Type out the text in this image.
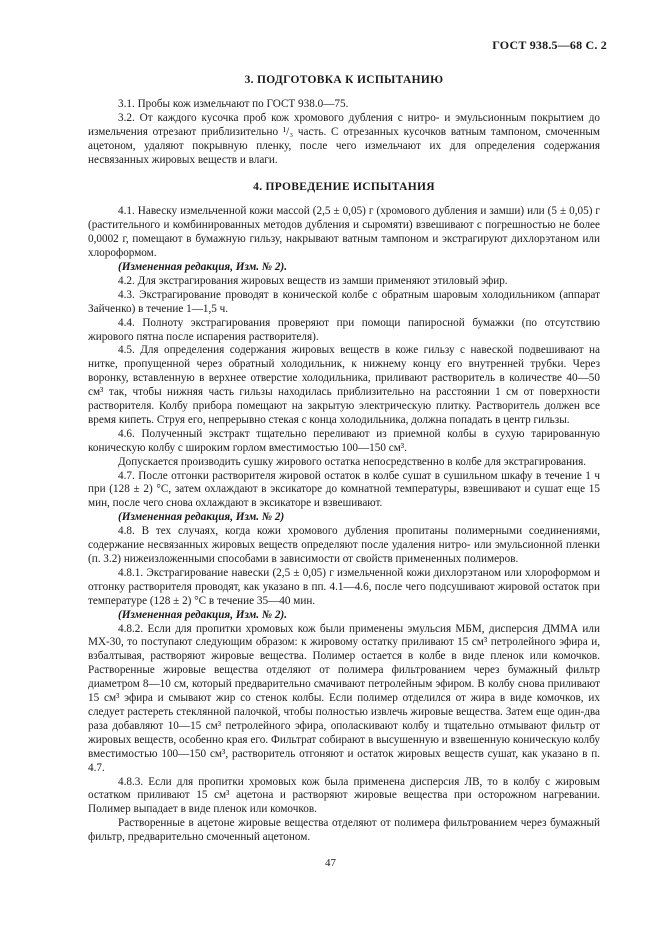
ГОСТ 938.5—68 С. 2
3. ПОДГОТОВКА К ИСПЫТАНИЮ

3.1. Пробы кож измельчают по ГОСТ 938.0—75.

3.2. От каждого кусочка проб кож хромового дубления с нитро- и эмульсионным покрытием до измельчения отрезают приблизительно ¹/₃ часть. С отрезанных кусочков ватным тампоном, смоченным ацетоном, удаляют покрывную пленку, после чего измельчают их для определения содержания несвязанных жировых веществ и влаги.

4. ПРОВЕДЕНИЕ ИСПЫТАНИЯ

4.1. Навеску измельченной кожи массой (2,5 ± 0,05) г (хромового дубления и замши) или (5 ± 0,05) г (растительного и комбинированных методов дубления и сыромяти) взвешивают с погрешностью не более 0,0002 г, помещают в бумажную гильзу, накрывают ватным тампоном и экстрагируют дихлорэтаном или хлороформом.

(Измененная редакция, Изм. № 2).

4.2. Для экстрагирования жировых веществ из замши применяют этиловый эфир.

4.3. Экстрагирование проводят в конической колбе с обратным шаровым холодильником (аппарат Зайченко) в течение 1—1,5 ч.

4.4. Полноту экстрагирования проверяют при помощи папиросной бумажки (по отсутствию жирового пятна после испарения растворителя).

4.5. Для определения содержания жировых веществ в коже гильзу с навеской подвешивают на нитке, пропущенной через обратный холодильник, к нижнему концу его внутренней трубки. Через воронку, вставленную в верхнее отверстие холодильника, приливают растворитель в количестве 40—50 см³ так, чтобы нижняя часть гильзы находилась приблизительно на расстоянии 1 см от поверхности растворителя. Колбу прибора помещают на закрытую электрическую плитку. Растворитель должен все время кипеть. Струя его, непрерывно стекая с конца холодильника, должна попадать в центр гильзы.

4.6. Полученный экстракт тщательно переливают из приемной колбы в сухую тарированную коническую колбу с широким горлом вместимостью 100—150 см³.

Допускается производить сушку жирового остатка непосредственно в колбе для экстрагирования.

4.7. После отгонки растворителя жировой остаток в колбе сушат в сушильном шкафу в течение 1 ч при (128 ± 2) °С, затем охлаждают в эксикаторе до комнатной температуры, взвешивают и сушат еще 15 мин, после чего снова охлаждают в эксикаторе и взвешивают.

(Измененная редакция, Изм. № 2)

4.8. В тех случаях, когда кожи хромового дубления пропитаны полимерными соединениями, содержание несвязанных жировых веществ определяют после удаления нитро- или эмульсионной пленки (п. 3.2) нижеизложенными способами в зависимости от свойств примененных полимеров.

4.8.1. Экстрагирование навески (2,5 ± 0,05) г измельченной кожи дихлорэтаном или хлороформом и отгонку растворителя проводят, как указано в пп. 4.1—4.6, после чего подсушивают жировой остаток при температуре (128 ± 2) °С в течение 35—40 мин.

(Измененная редакция, Изм. № 2).

4.8.2. Если для пропитки хромовых кож были применены эмульсия МБМ, дисперсия ДММА или МХ-30, то поступают следующим образом: к жировому остатку приливают 15 см³ петролейного эфира и, взбалтывая, растворяют жировые вещества. Полимер остается в колбе в виде пленок или комочков. Растворенные жировые вещества отделяют от полимера фильтрованием через бумажный фильтр диаметром 8—10 см, который предварительно смачивают петролейным эфиром. В колбу снова приливают 15 см³ эфира и смывают жир со стенок колбы. Если полимер отделился от жира в виде комочков, их следует растереть стеклянной палочкой, чтобы полностью извлечь жировые вещества. Затем еще один-два раза добавляют 10—15 см³ петролейного эфира, ополаскивают колбу и тщательно отмывают фильтр от жировых веществ, особенно края его. Фильтрат собирают в высушенную и взвешенную коническую колбу вместимостью 100—150 см³, растворитель отгоняют и остаток жировых веществ сушат, как указано в п. 4.7.

4.8.3. Если для пропитки хромовых кож была применена дисперсия ЛВ, то в колбу с жировым остатком приливают 15 см³ ацетона и растворяют жировые вещества при осторожном нагревании. Полимер выпадает в виде пленок или комочков.

Растворенные в ацетоне жировые вещества отделяют от полимера фильтрованием через бумажный фильтр, предварительно смоченный ацетоном.

47
